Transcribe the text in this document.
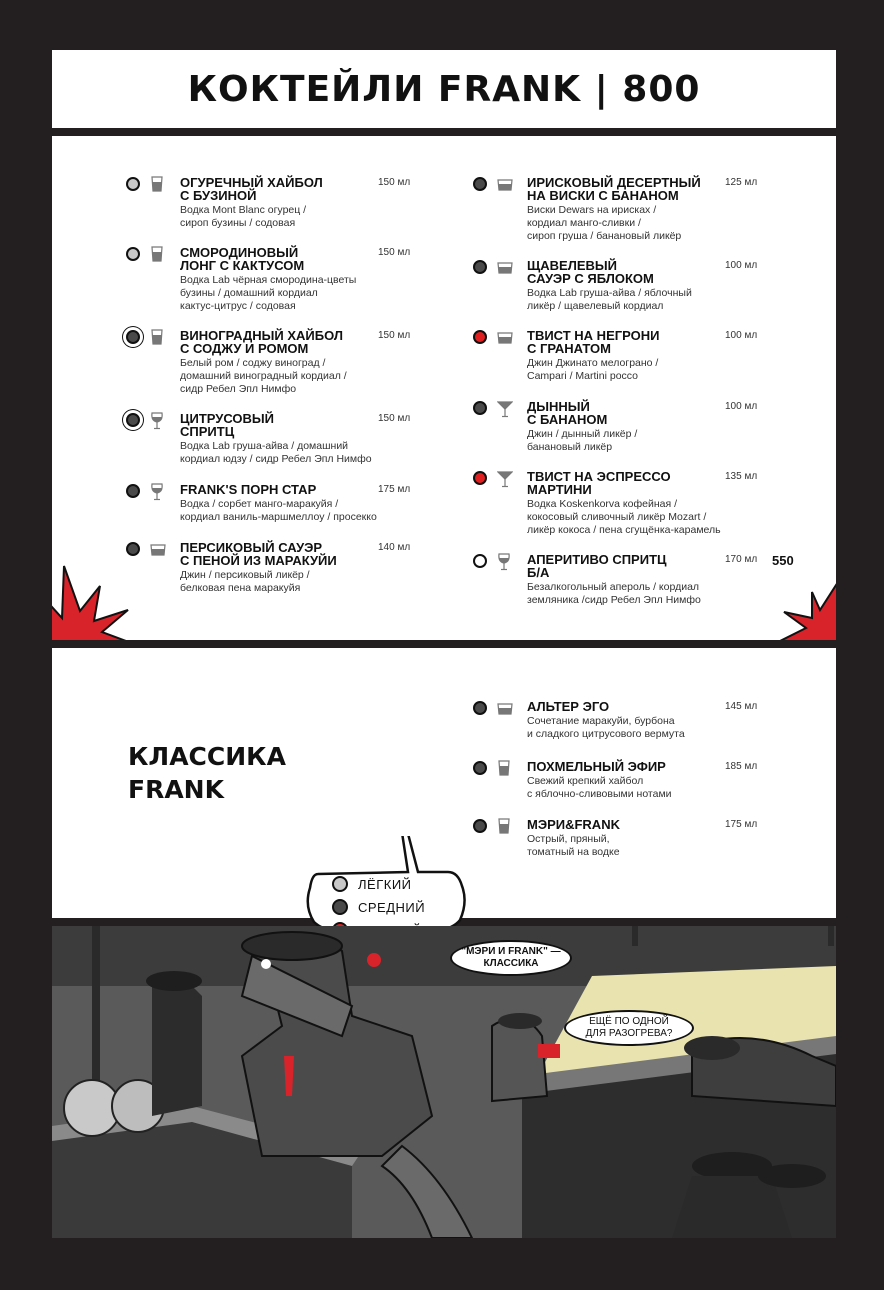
КОКТЕЙЛИ FRANK | 800
ОГУРЕЧНЫЙ ХАЙБОЛ
С БУЗИНОЙ
150 мл
Водка Mont Blanc огурец /
сироп бузины / содовая
СМОРОДИНОВЫЙ
ЛОНГ С КАКТУСОМ
150 мл
Водка Lab чёрная смородина-цветы
бузины / домашний кордиал
кактус-цитрус / содовая
ВИНОГРАДНЫЙ ХАЙБОЛ
С СОДЖУ И РОМОМ
150 мл
Белый ром / соджу виноград /
домашний виноградный кордиал /
сидр Ребел Эпл Нимфо
ЦИТРУСОВЫЙ
СПРИТЦ
150 мл
Водка Lab груша-айва / домашний
кордиал юдзу / сидр Ребел Эпл Нимфо
FRANK'S ПОРН СТАР	175 мл
Водка / сорбет манго-маракуйя /
кордиал ваниль-маршмеллоу / просекко
ПЕРСИКОВЫЙ САУЭР
С ПЕНОЙ ИЗ МАРАКУЙИ
140 мл
Джин / персиковый ликёр /
белковая пена маракуйя
ИРИСКОВЫЙ ДЕСЕРТНЫЙ
НА ВИСКИ С БАНАНОМ
125 мл
Виски Dewars на ирисках /
кордиал манго-сливки /
сироп груша / банановый ликёр
ЩАВЕЛЕВЫЙ
САУЭР С ЯБЛОКОМ
100 мл
Водка Lab груша-айва / яблочный
ликёр / щавелевый кордиал
ТВИСТ НА НЕГРОНИ
С ГРАНАТОМ
100 мл
Джин Джинато мелограно /
Campari / Martini россо
ДЫННЫЙ
С БАНАНОМ
100 мл
Джин / дынный ликёр /
банановый ликёр
ТВИСТ НА ЭСПРЕССО
МАРТИНИ
135 мл
Водка Koskenkorva кофейная /
кокосовый сливочный ликёр Mozart /
ликёр кокоса / пена сгущёнка-карамель
АПЕРИТИВО СПРИТЦ
Б/А
170 мл 550
Безалкогольный апероль / кордиал
земляника /сидр Ребел Эпл Нимфо
КЛАССИКА
FRANK
АЛЬТЕР ЭГО	145 мл
Сочетание маракуйи, бурбона
и сладкого цитрусового вермута
ПОХМЕЛЬНЫЙ ЭФИР	185 мл
Свежий крепкий хайбол
с яблочно-сливовыми нотами
МЭРИ&FRANK	175 мл
Острый, пряный,
томатный на водке
ЛЁГКИЙ
СРЕДНИЙ
"МЭРИ И FRANK" —
КЛАССИКА
ЕЩЁ ПО ОДНОЙ
ДЛЯ РАЗОГРЕВА?
